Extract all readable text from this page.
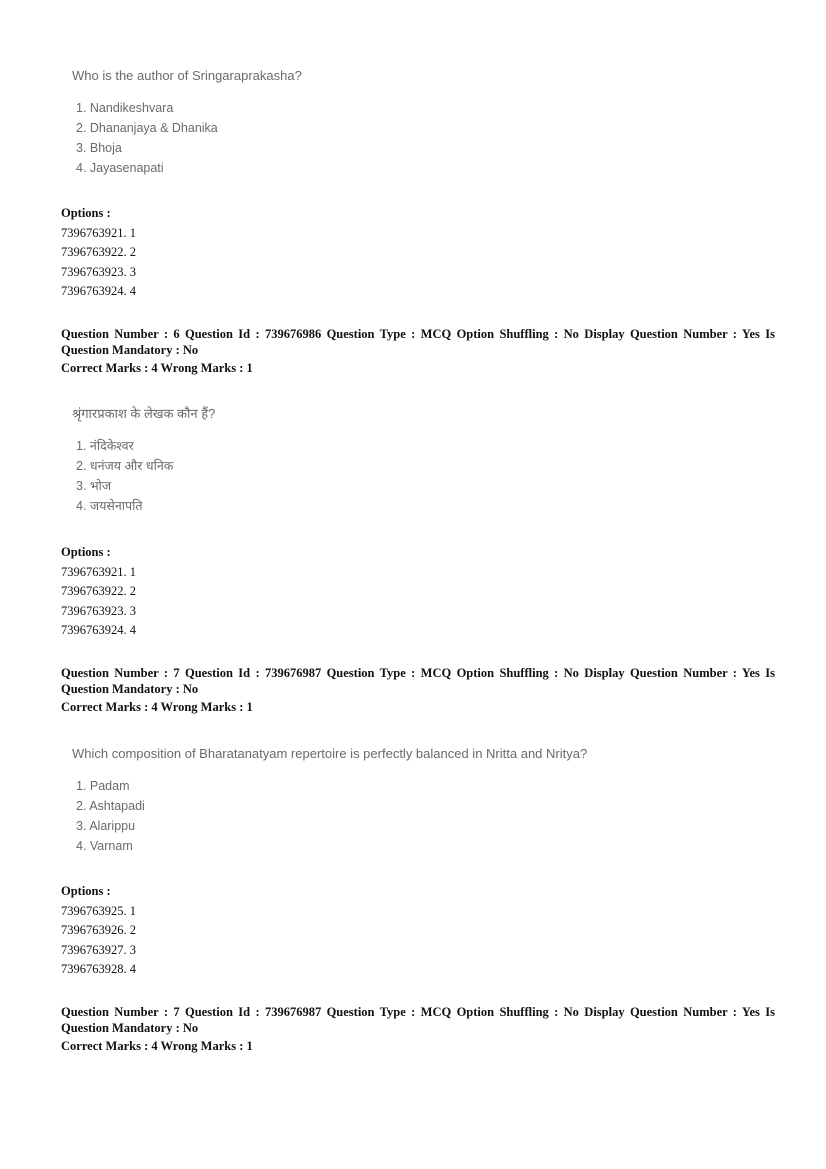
Who is the author of Sringaraprakasha?

1. Nandikeshvara
2. Dhananjaya & Dhanika
3. Bhoja
4. Jayasenapati
Options :
7396763921. 1
7396763922. 2
7396763923. 3
7396763924. 4
Question Number : 6 Question Id : 739676986 Question Type : MCQ Option Shuffling : No Display Question Number : Yes Is
Question Mandatory : No
Correct Marks : 4 Wrong Marks : 1

श्रृंगारप्रकाश के लेखक कौन हैं?

1. नंदिकेश्वर
2. धनंजय और धनिक
3. भोज
4. जयसेनापति
Options :
7396763921. 1
7396763922. 2
7396763923. 3
7396763924. 4
Question Number : 7 Question Id : 739676987 Question Type : MCQ Option Shuffling : No Display Question Number : Yes Is
Question Mandatory : No
Correct Marks : 4 Wrong Marks : 1

Which composition of Bharatanatyam repertoire is perfectly balanced in Nritta and Nritya?

1. Padam
2. Ashtapadi
3. Alarippu
4. Varnam
Options :
7396763925. 1
7396763926. 2
7396763927. 3
7396763928. 4
Question Number : 7 Question Id : 739676987 Question Type : MCQ Option Shuffling : No Display Question Number : Yes Is
Question Mandatory : No
Correct Marks : 4 Wrong Marks : 1
